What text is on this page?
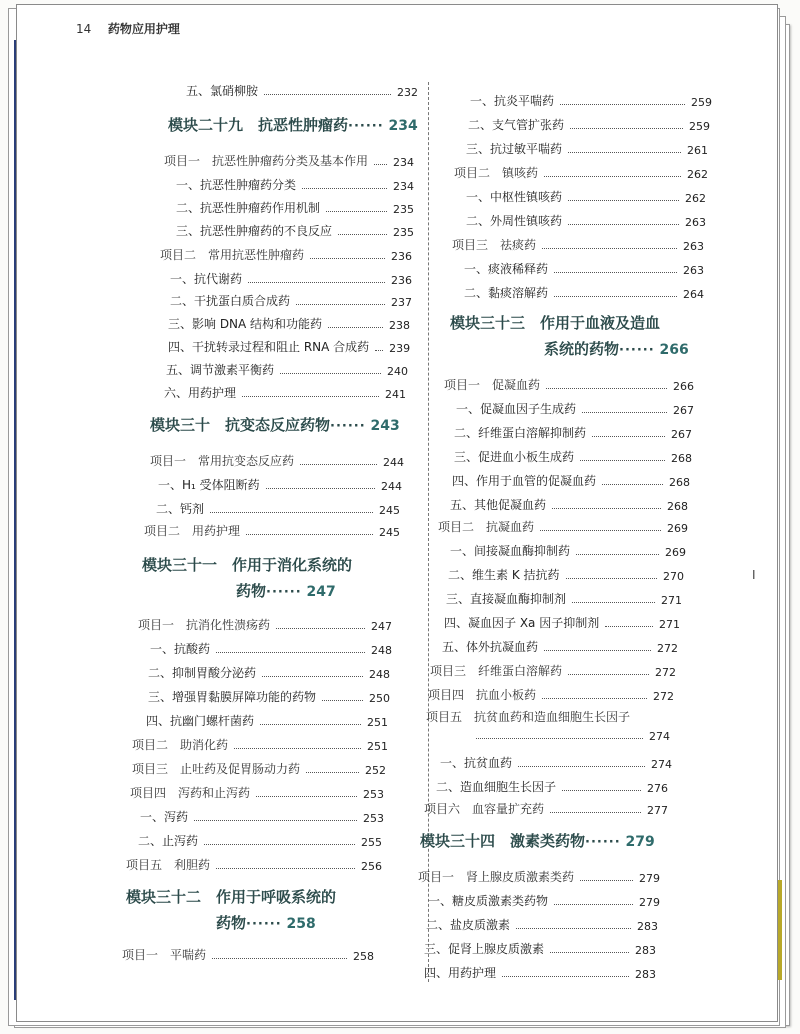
14 药物应用护理
五、氯硝柳胺	232
模块二十九　 抗恶性肿瘤药······ 234
项目一　抗恶性肿瘤药分类及基本作用 234
一、抗恶性肿瘤药分类	234
二、抗恶性肿瘤药作用机制	235
三、抗恶性肿瘤药的不良反应	235
项目二　常用抗恶性肿瘤药	236
一、抗代谢药	236
二、干扰蛋白质合成药	237
三、影响 DNA 结构和功能药	238
四、干扰转录过程和阻止 RNA 合成药 239
五、调节激素平衡药	240
六、用药护理	241
模块三十　 抗变态反应药物······ 243
项目一　常用抗变态反应药	244
一、H₁ 受体阻断药	244
二、钙剂	245
项目二　用药护理	245
模块三十一　 作用于消化系统的
药物······ 247
项目一　抗消化性溃疡药	247
一、抗酸药	248
二、抑制胃酸分泌药	248
三、增强胃黏膜屏障功能的药物	250
四、抗幽门螺杆菌药	251
项目二　助消化药	251
项目三　止吐药及促胃肠动力药	252
项目四　泻药和止泻药	253
一、泻药	253
二、止泻药	255
项目五　利胆药	256
模块三十二　 作用于呼吸系统的
药物······ 258
项目一　平喘药	258
一、抗炎平喘药	259
二、支气管扩张药	259
三、抗过敏平喘药	261
项目二　镇咳药	262
一、中枢性镇咳药	262
二、外周性镇咳药	263
项目三　祛痰药	263
一、痰液稀释药	263
二、黏痰溶解药	264
模块三十三　 作用于血液及造血
系统的药物······ 266
项目一　促凝血药	266
一、促凝血因子生成药	267
二、纤维蛋白溶解抑制药	267
三、促进血小板生成药	268
四、作用于血管的促凝血药	268
五、其他促凝血药	268
项目二　抗凝血药	269
一、间接凝血酶抑制药	269
二、维生素 K 拮抗药	270
三、直接凝血酶抑制剂	271
四、凝血因子 Xa 因子抑制剂	271
五、体外抗凝血药	272
项目三　纤维蛋白溶解药	272
项目四　抗血小板药	272
项目五　抗贫血药和造血细胞生长因子
274
一、抗贫血药	274
二、造血细胞生长因子	276
项目六　血容量扩充药	277
模块三十四　 激素类药物······ 279
项目一　肾上腺皮质激素类药	279
一、糖皮质激素类药物	279
二、盐皮质激素	283
三、促肾上腺皮质激素	283
四、用药护理	283
I
